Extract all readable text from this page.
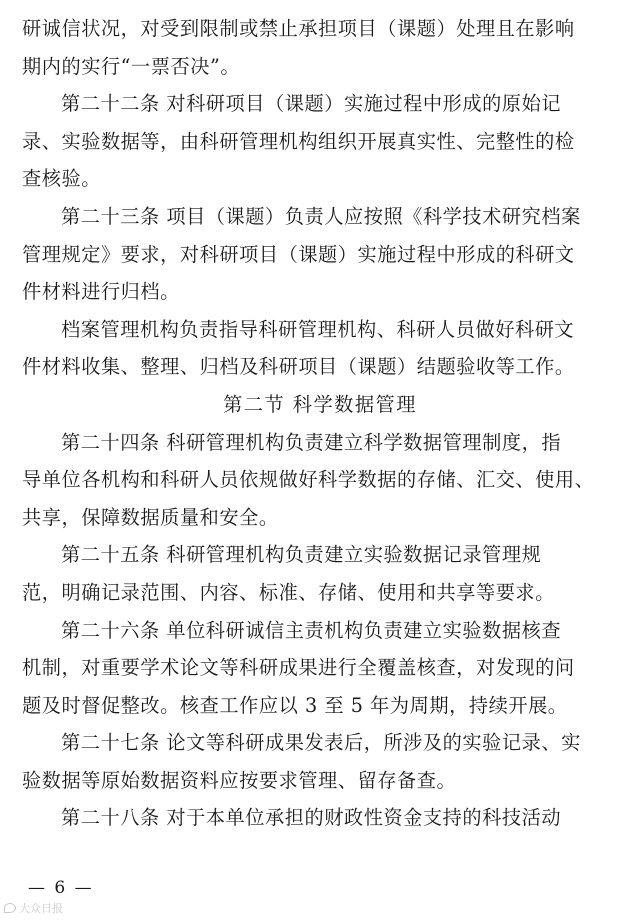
研诚信状况，对受到限制或禁止承担项目（课题）处理且在影响
期内的实行“一票否决”。
第二十二条 对科研项目（课题）实施过程中形成的原始记
录、实验数据等，由科研管理机构组织开展真实性、完整性的检
查核验。
第二十三条 项目（课题）负责人应按照《科学技术研究档案
管理规定》要求，对科研项目（课题）实施过程中形成的科研文
件材料进行归档。
档案管理机构负责指导科研管理机构、科研人员做好科研文
件材料收集、整理、归档及科研项目（课题）结题验收等工作。
第二节 科学数据管理
第二十四条 科研管理机构负责建立科学数据管理制度，指
导单位各机构和科研人员依规做好科学数据的存储、汇交、使用、
共享，保障数据质量和安全。
第二十五条 科研管理机构负责建立实验数据记录管理规
范，明确记录范围、内容、标准、存储、使用和共享等要求。
第二十六条 单位科研诚信主责机构负责建立实验数据核查
机制，对重要学术论文等科研成果进行全覆盖核查，对发现的问
题及时督促整改。核查工作应以 3 至 5 年为周期，持续开展。
第二十七条 论文等科研成果发表后，所涉及的实验记录、实
验数据等原始数据资料应按要求管理、留存备查。
第二十八条 对于本单位承担的财政性资金支持的科技活动
— 6 —
大众日报
